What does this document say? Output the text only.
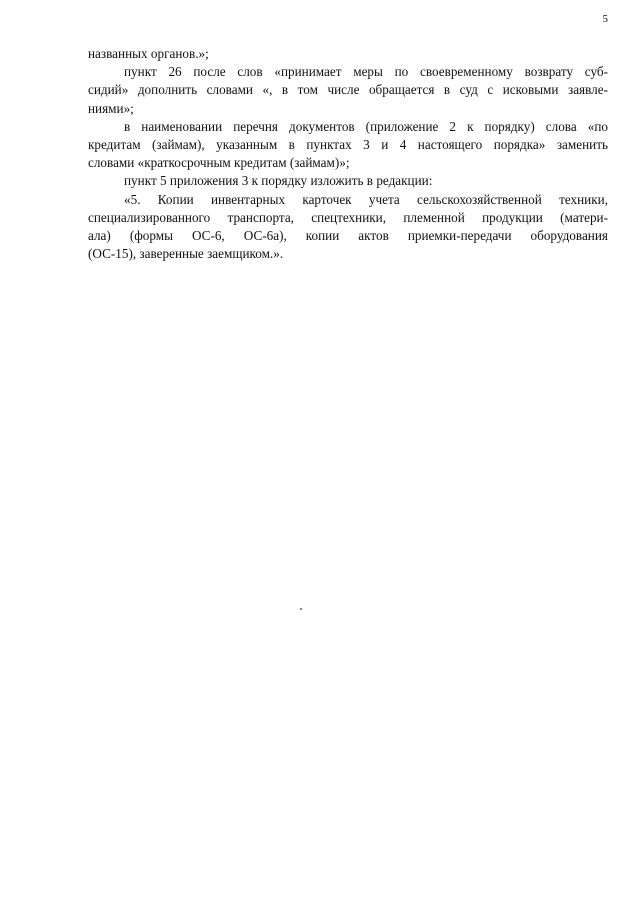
5
названных органов.»;
пункт 26 после слов «принимает меры по своевременному возврату суб-
сидий» дополнить словами «, в том числе обращается в суд с исковыми заявле-
ниями»;
в наименовании перечня документов (приложение 2 к порядку) слова «по
кредитам (займам), указанным в пунктах 3 и 4 настоящего порядка» заменить
словами «краткосрочным кредитам (займам)»;
пункт 5 приложения 3 к порядку изложить в редакции:
«5. Копии инвентарных карточек учета сельскохозяйственной техники,
специализированного транспорта, спецтехники, племенной продукции (матери-
ала) (формы ОС-6, ОС-6а), копии актов приемки-передачи оборудования
(ОС-15), заверенные заемщиком.».
